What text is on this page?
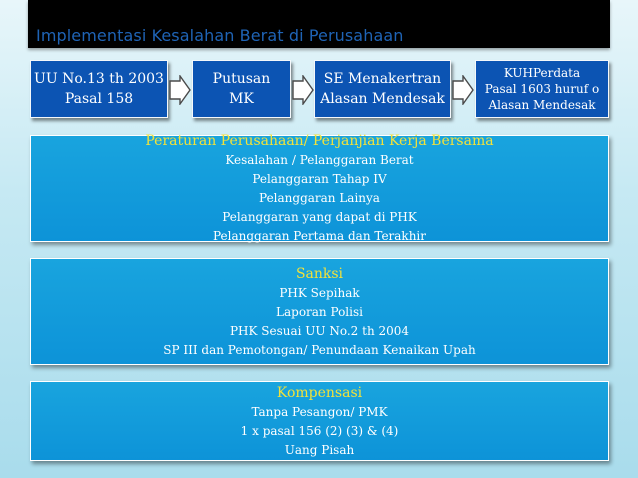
Implementasi Kesalahan Berat di Perusahaan
UU No.13 th 2003
Pasal 158
Putusan
MK
SE Menakertran
Alasan Mendesak
KUHPerdata
Pasal 1603 huruf o
Alasan Mendesak
Peraturan Perusahaan/ Perjanjian Kerja Bersama
Kesalahan / Pelanggaran Berat
Pelanggaran Tahap IV
Pelanggaran Lainya
Pelanggaran yang dapat di PHK
Pelanggaran Pertama dan Terakhir
Sanksi
PHK Sepihak
Laporan Polisi
PHK Sesuai UU No.2 th 2004
SP III dan Pemotongan/ Penundaan Kenaikan Upah
Kompensasi
Tanpa Pesangon/ PMK
1 x pasal 156 (2) (3) & (4)
Uang Pisah
